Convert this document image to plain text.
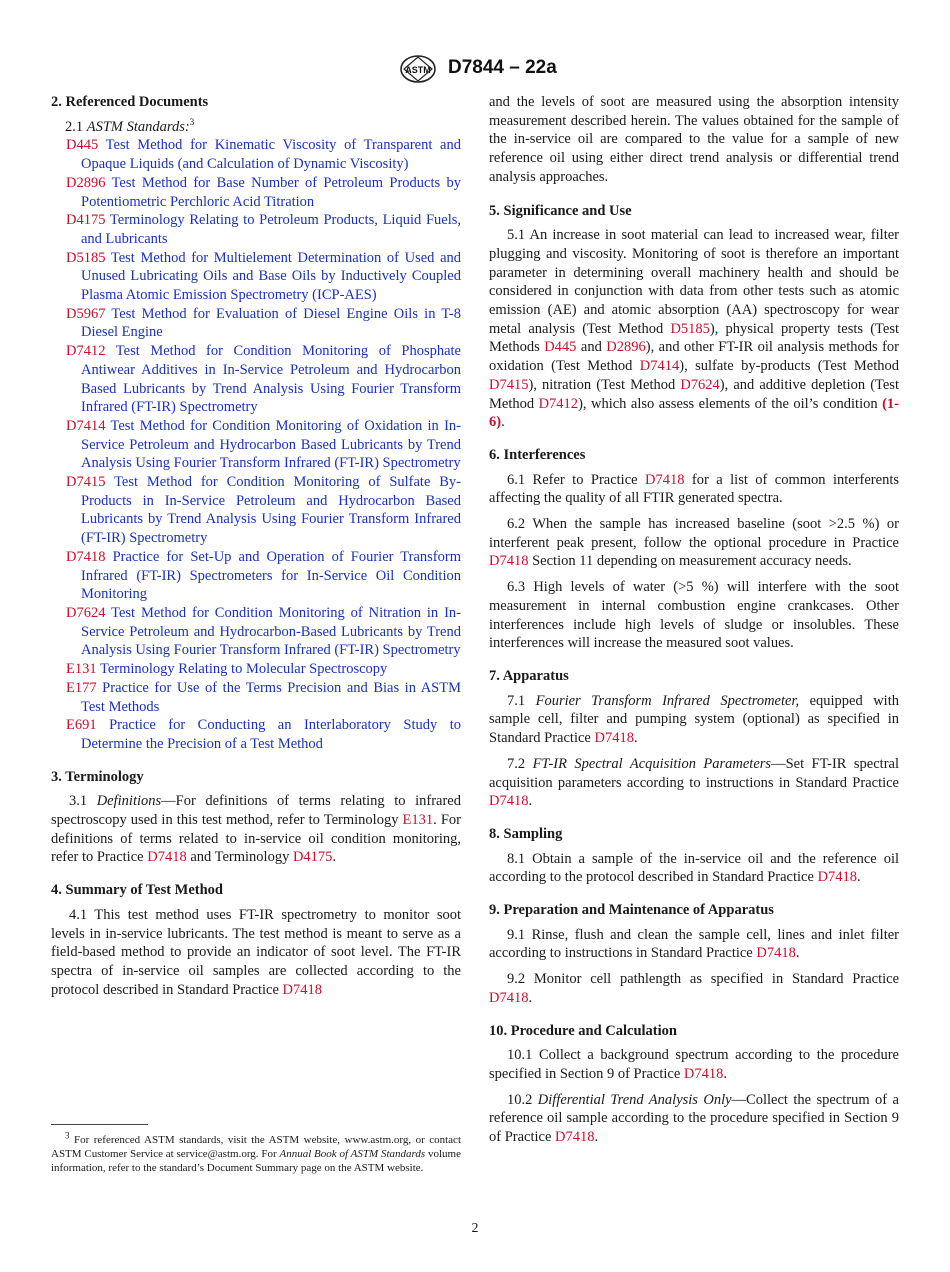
ASTM D7844 – 22a
2. Referenced Documents
2.1 ASTM Standards:$^3$
D445 Test Method for Kinematic Viscosity of Transparent and Opaque Liquids (and Calculation of Dynamic Viscosity)
D2896 Test Method for Base Number of Petroleum Products by Potentiometric Perchloric Acid Titration
D4175 Terminology Relating to Petroleum Products, Liquid Fuels, and Lubricants
D5185 Test Method for Multielement Determination of Used and Unused Lubricating Oils and Base Oils by Inductively Coupled Plasma Atomic Emission Spectrometry (ICP-AES)
D5967 Test Method for Evaluation of Diesel Engine Oils in T-8 Diesel Engine
D7412 Test Method for Condition Monitoring of Phosphate Antiwear Additives in In-Service Petroleum and Hydrocarbon Based Lubricants by Trend Analysis Using Fourier Transform Infrared (FT-IR) Spectrometry
D7414 Test Method for Condition Monitoring of Oxidation in In-Service Petroleum and Hydrocarbon Based Lubricants by Trend Analysis Using Fourier Transform Infrared (FT-IR) Spectrometry
D7415 Test Method for Condition Monitoring of Sulfate By-Products in In-Service Petroleum and Hydrocarbon Based Lubricants by Trend Analysis Using Fourier Transform Infrared (FT-IR) Spectrometry
D7418 Practice for Set-Up and Operation of Fourier Transform Infrared (FT-IR) Spectrometers for In-Service Oil Condition Monitoring
D7624 Test Method for Condition Monitoring of Nitration in In-Service Petroleum and Hydrocarbon-Based Lubricants by Trend Analysis Using Fourier Transform Infrared (FT-IR) Spectrometry
E131 Terminology Relating to Molecular Spectroscopy
E177 Practice for Use of the Terms Precision and Bias in ASTM Test Methods
E691 Practice for Conducting an Interlaboratory Study to Determine the Precision of a Test Method
3. Terminology

3.1 Definitions—For definitions of terms relating to infrared spectroscopy used in this test method, refer to Terminology E131. For definitions of terms related to in-service oil condition monitoring, refer to Practice D7418 and Terminology D4175.

4. Summary of Test Method

4.1 This test method uses FT-IR spectrometry to monitor soot levels in in-service lubricants. The test method is meant to serve as a field-based method to provide an indicator of soot level. The FT-IR spectra of in-service oil samples are collected according to the protocol described in Standard Practice D7418

and the levels of soot are measured using the absorption intensity measurement described herein. The values obtained for the sample of the in-service oil are compared to the value for a sample of new reference oil using either direct trend analysis or differential trend analysis approaches.

5. Significance and Use

5.1 An increase in soot material can lead to increased wear, filter plugging and viscosity. Monitoring of soot is therefore an important parameter in determining overall machinery health and should be considered in conjunction with data from other tests such as atomic emission (AE) and atomic absorption (AA) spectroscopy for wear metal analysis (Test Method D5185), physical property tests (Test Methods D445 and D2896), and other FT-IR oil analysis methods for oxidation (Test Method D7414), sulfate by-products (Test Method D7415), nitration (Test Method D7624), and additive depletion (Test Method D7412), which also assess elements of the oil’s condition (1-6).

6. Interferences

6.1 Refer to Practice D7418 for a list of common interferents affecting the quality of all FTIR generated spectra.

6.2 When the sample has increased baseline (soot >2.5 %) or interferent peak present, follow the optional procedure in Practice D7418 Section 11 depending on measurement accuracy needs.

6.3 High levels of water (>5 %) will interfere with the soot measurement in internal combustion engine crankcases. Other interferences include high levels of sludge or insolubles. These interferences will increase the measured soot values.

7. Apparatus

7.1 Fourier Transform Infrared Spectrometer, equipped with sample cell, filter and pumping system (optional) as specified in Standard Practice D7418.

7.2 FT-IR Spectral Acquisition Parameters—Set FT-IR spectral acquisition parameters according to instructions in Standard Practice D7418.

8. Sampling

8.1 Obtain a sample of the in-service oil and the reference oil according to the protocol described in Standard Practice D7418.

9. Preparation and Maintenance of Apparatus

9.1 Rinse, flush and clean the sample cell, lines and inlet filter according to instructions in Standard Practice D7418.

9.2 Monitor cell pathlength as specified in Standard Practice D7418.

10. Procedure and Calculation

10.1 Collect a background spectrum according to the procedure specified in Section 9 of Practice D7418.

10.2 Differential Trend Analysis Only—Collect the spectrum of a reference oil sample according to the procedure specified in Section 9 of Practice D7418.

$^3$ For referenced ASTM standards, visit the ASTM website, www.astm.org, or contact ASTM Customer Service at service@astm.org. For Annual Book of ASTM Standards volume information, refer to the standard’s Document Summary page on the ASTM website.
2
